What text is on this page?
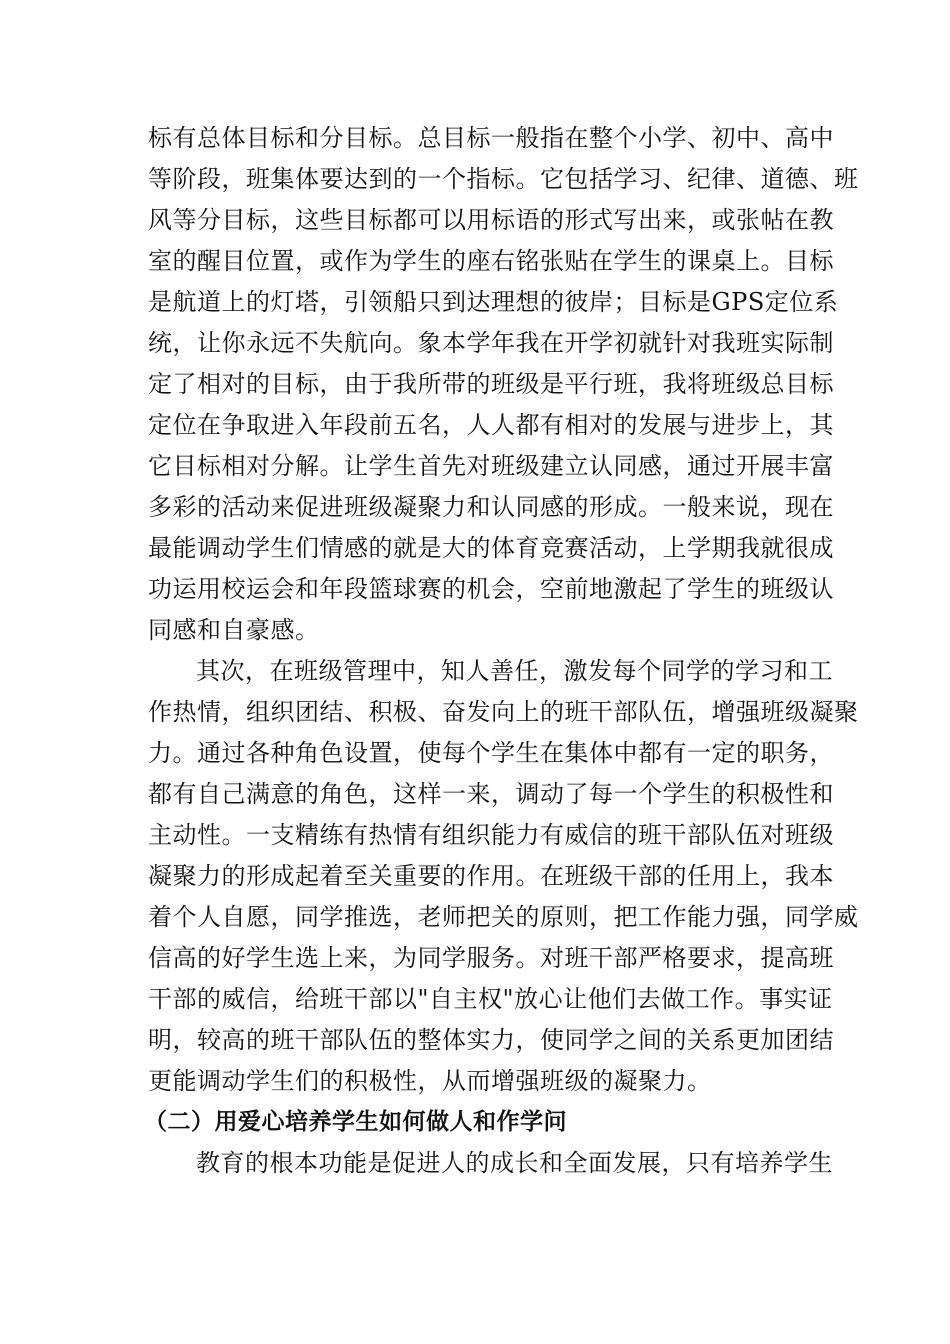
标有总体目标和分目标。总目标一般指在整个小学、初中、高中
等阶段，班集体要达到的一个指标。它包括学习、纪律、道德、班
风等分目标，这些目标都可以用标语的形式写出来，或张帖在教
室的醒目位置，或作为学生的座右铭张贴在学生的课桌上。目标
是航道上的灯塔，引领船只到达理想的彼岸；目标是GPS定位系
统，让你永远不失航向。象本学年我在开学初就针对我班实际制
定了相对的目标，由于我所带的班级是平行班，我将班级总目标
定位在争取进入年段前五名，人人都有相对的发展与进步上，其
它目标相对分解。让学生首先对班级建立认同感，通过开展丰富
多彩的活动来促进班级凝聚力和认同感的形成。一般来说，现在
最能调动学生们情感的就是大的体育竞赛活动，上学期我就很成
功运用校运会和年段篮球赛的机会，空前地激起了学生的班级认
同感和自豪感。
其次，在班级管理中，知人善任，激发每个同学的学习和工
作热情，组织团结、积极、奋发向上的班干部队伍，增强班级凝聚
力。通过各种角色设置，使每个学生在集体中都有一定的职务，
都有自己满意的角色，这样一来，调动了每一个学生的积极性和
主动性。一支精练有热情有组织能力有威信的班干部队伍对班级
凝聚力的形成起着至关重要的作用。在班级干部的任用上，我本
着个人自愿，同学推选，老师把关的原则，把工作能力强，同学威
信高的好学生选上来，为同学服务。对班干部严格要求，提高班
干部的威信，给班干部以"自主权"放心让他们去做工作。事实证
明，较高的班干部队伍的整体实力，使同学之间的关系更加团结
更能调动学生们的积极性，从而增强班级的凝聚力。
（二）用爱心培养学生如何做人和作学问
教育的根本功能是促进人的成长和全面发展，只有培养学生
